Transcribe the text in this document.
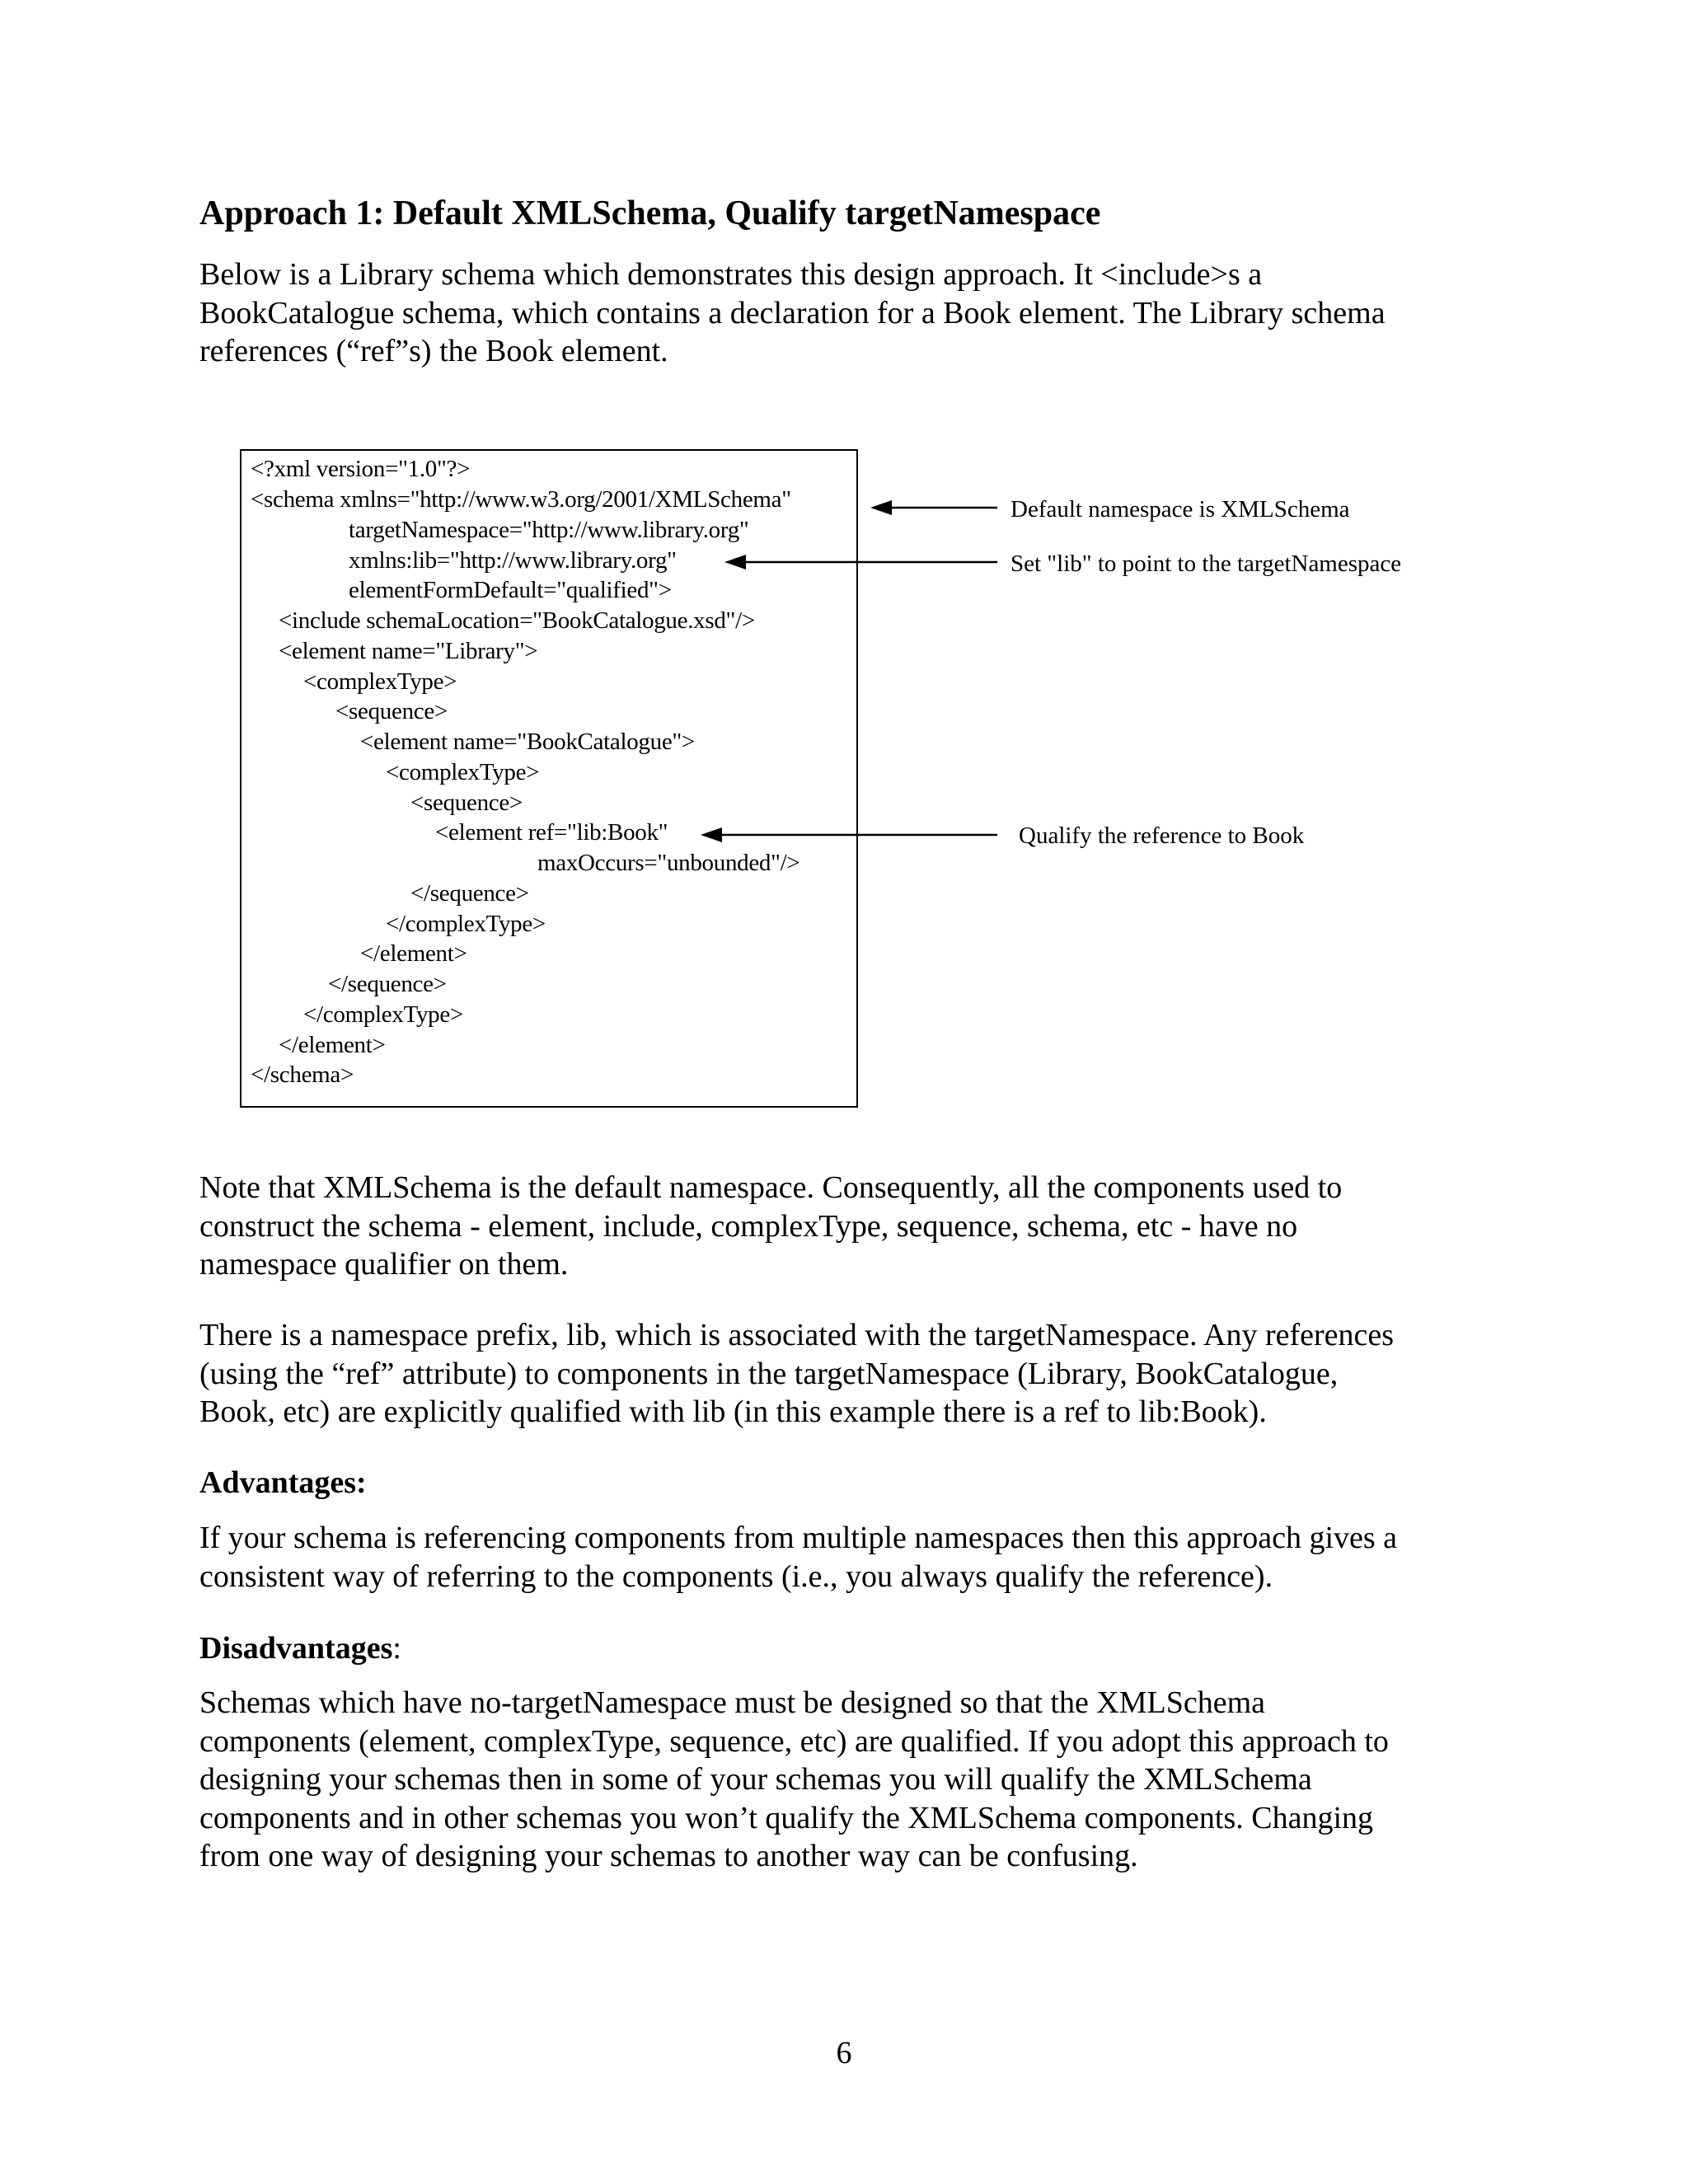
Approach 1: Default XMLSchema, Qualify targetNamespace

Below is a Library schema which demonstrates this design approach. It <include>s a
BookCatalogue schema, which contains a declaration for a Book element. The Library schema
references (“ref”s) the Book element.

<?xml version="1.0"?>
<schema xmlns="http://www.w3.org/2001/XMLSchema"
targetNamespace="http://www.library.org"
xmlns:lib="http://www.library.org"
elementFormDefault="qualified">
<include schemaLocation="BookCatalogue.xsd"/>
<element name="Library">
<complexType>
<sequence>
<element name="BookCatalogue">
<complexType>
<sequence>
<element ref="lib:Book"
maxOccurs="unbounded"/>
</sequence>
</complexType>
</element>
</sequence>
</complexType>
</element>
</schema>
Default namespace is XMLSchema
Set "lib" to point to the targetNamespace
Qualify the reference to Book

Note that XMLSchema is the default namespace. Consequently, all the components used to
construct the schema - element, include, complexType, sequence, schema, etc - have no
namespace qualifier on them.

There is a namespace prefix, lib, which is associated with the targetNamespace. Any references
(using the “ref” attribute) to components in the targetNamespace (Library, BookCatalogue,
Book, etc) are explicitly qualified with lib (in this example there is a ref to lib:Book).

Advantages:

If your schema is referencing components from multiple namespaces then this approach gives a
consistent way of referring to the components (i.e., you always qualify the reference).

Disadvantages:

Schemas which have no-targetNamespace must be designed so that the XMLSchema
components (element, complexType, sequence, etc) are qualified. If you adopt this approach to
designing your schemas then in some of your schemas you will qualify the XMLSchema
components and in other schemas you won’t qualify the XMLSchema components. Changing
from one way of designing your schemas to another way can be confusing.

6
